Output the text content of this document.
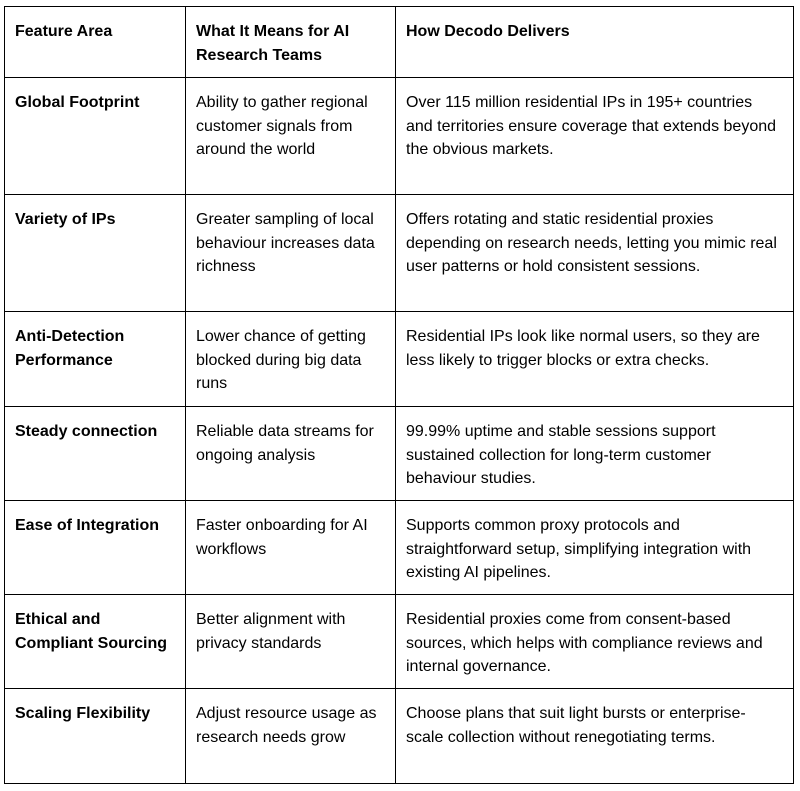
Feature Area	What It Means for AI Research Teams	How Decodo Delivers
Global Footprint	Ability to gather regional customer signals from around the world	Over 115 million residential IPs in 195+ countries and territories ensure coverage that extends beyond the obvious markets.
Variety of IPs	Greater sampling of local behaviour increases data richness	Offers rotating and static residential proxies depending on research needs, letting you mimic real user patterns or hold consistent sessions.
Anti-Detection Performance	Lower chance of getting blocked during big data runs	Residential IPs look like normal users, so they are less likely to trigger blocks or extra checks.
Steady connection	Reliable data streams for ongoing analysis	99.99% uptime and stable sessions support sustained collection for long-term customer behaviour studies.
Ease of Integration	Faster onboarding for AI workflows	Supports common proxy protocols and straightforward setup, simplifying integration with existing AI pipelines.
Ethical and Compliant Sourcing	Better alignment with privacy standards	Residential proxies come from consent-based sources, which helps with compliance reviews and internal governance.
Scaling Flexibility	Adjust resource usage as research needs grow	Choose plans that suit light bursts or enterprise-scale collection without renegotiating terms.
